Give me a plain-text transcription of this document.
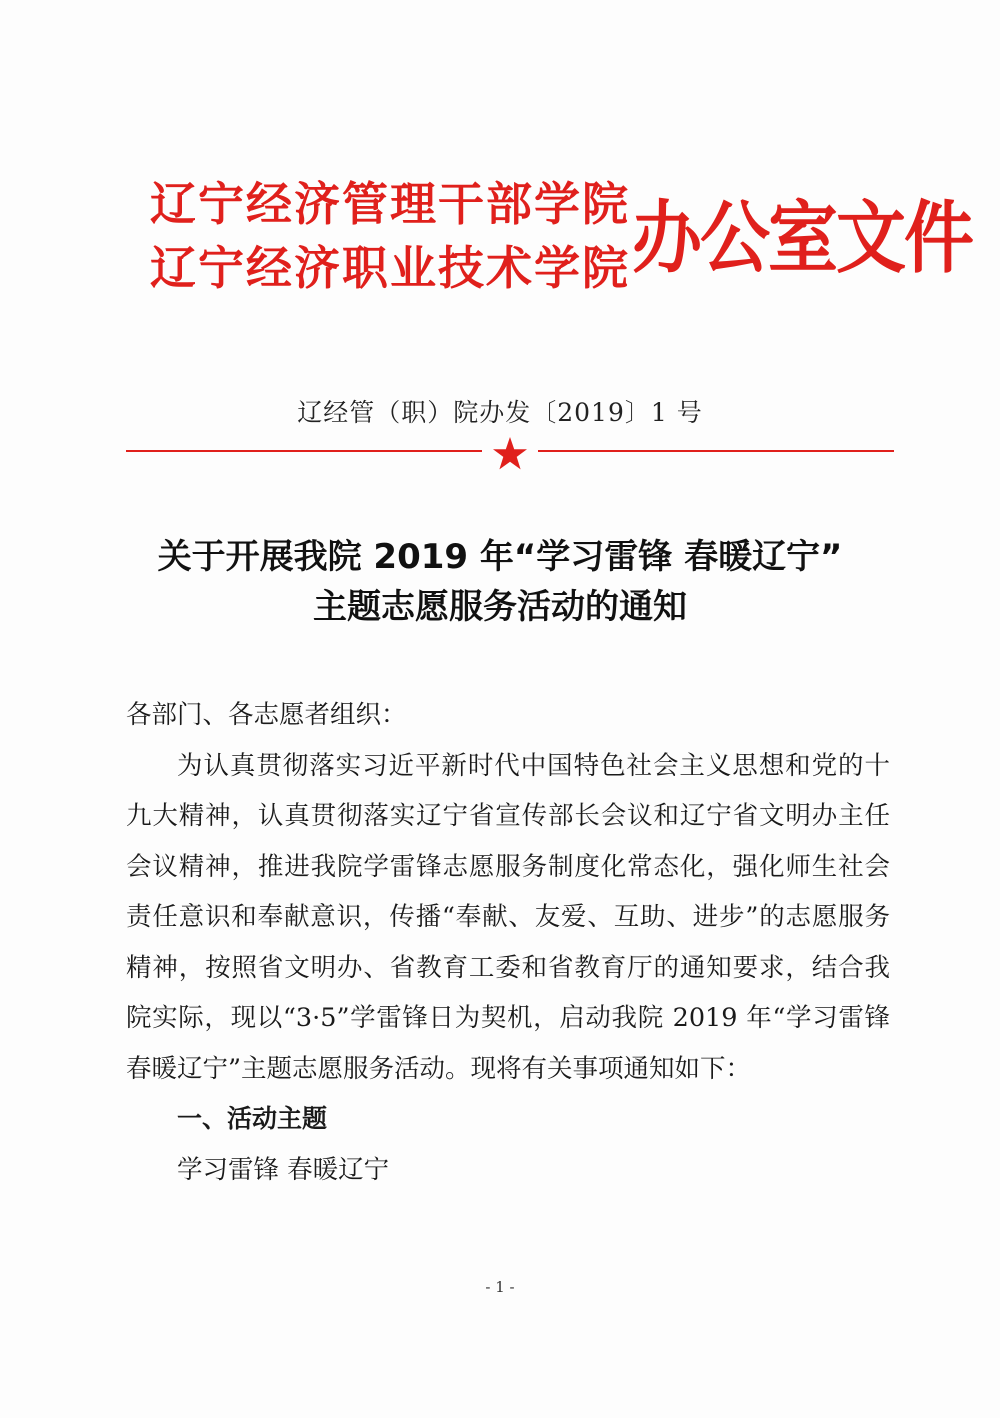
辽宁经济管理干部学院
辽宁经济职业技术学院 办公室文件
辽经管（职）院办发〔2019〕1 号
关于开展我院 2019 年“学习雷锋 春暖辽宁”
主题志愿服务活动的通知
各部门、各志愿者组织：
为认真贯彻落实习近平新时代中国特色社会主义思想和党的十九大精神，认真贯彻落实辽宁省宣传部长会议和辽宁省文明办主任会议精神，推进我院学雷锋志愿服务制度化常态化，强化师生社会责任意识和奉献意识，传播“奉献、友爱、互助、进步”的志愿服务精神，按照省文明办、省教育工委和省教育厅的通知要求，结合我院实际，现以“3·5”学雷锋日为契机，启动我院 2019 年“学习雷锋 春暖辽宁”主题志愿服务活动。现将有关事项通知如下：
一、活动主题
学习雷锋 春暖辽宁
- 1 -
